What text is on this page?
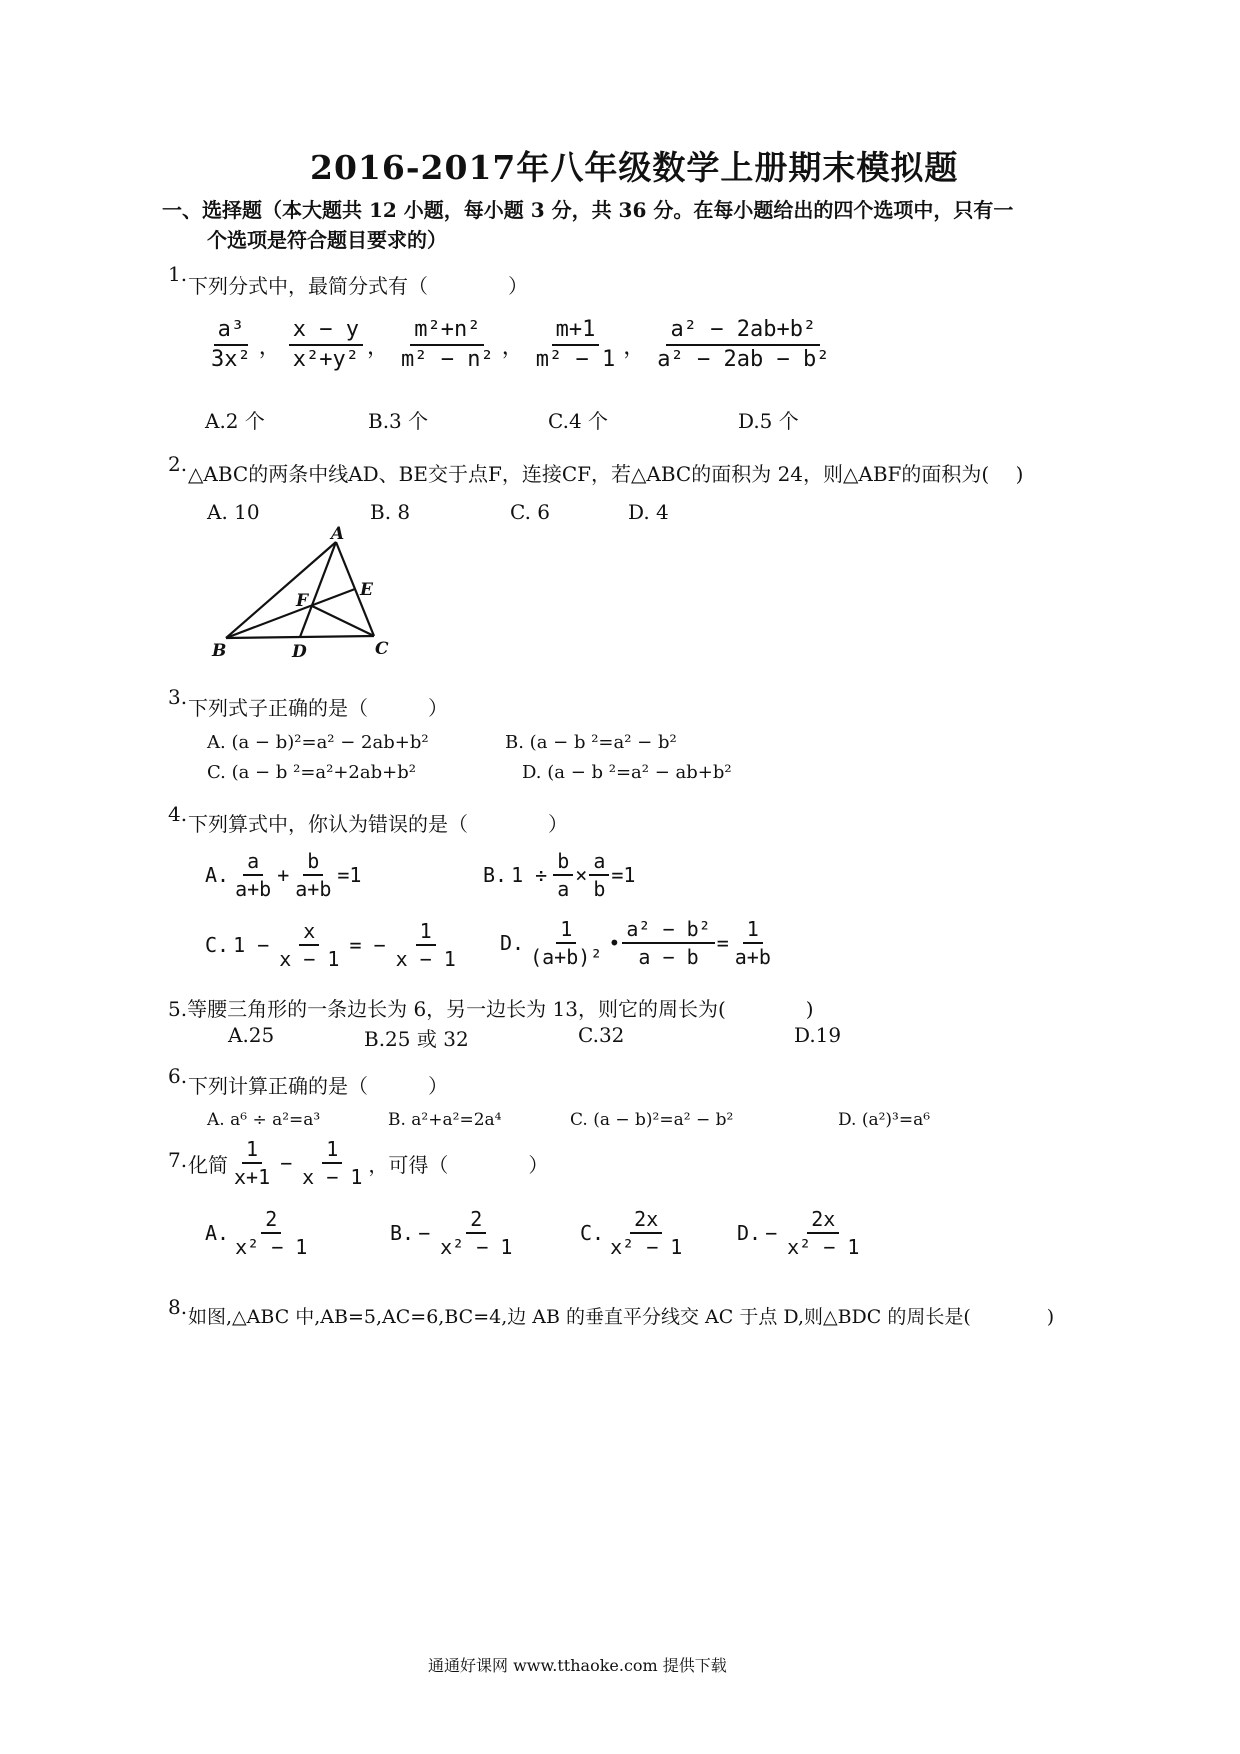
2016-2017年八年级数学上册期末模拟题
一、选择题（本大题共 12 小题，每小题 3 分，共 36 分。在每小题给出的四个选项中，只有一
个选项是符合题目要求的）
1. 下列分式中，最简分式有（　　　　）
$\frac{\text{a³}}{\text{3x²}}$ ， $\frac{x - y}{\text{x²+y²}}$ ， $\frac{\text{m²+n²}}{\text{m² − n²}}$ ， $\frac{m+1}{\text{m² − 1}}$ ， $\frac{\text{a² − 2ab+b²}}{\text{a² − 2ab − b²}}$
A.2 个	B.3 个	C.4 个	D.5 个
2. △ABC的两条中线AD、BE交于点F，连接CF，若△ABC的面积为 24，则△ABF的面积为(　 )
A. 10	B. 8	C. 6	D. 4
A
B	C
D
E
F
3. 下列式子正确的是（　　　）
A. (a − b)²=a² − 2ab+b²	B. (a − b ²=a² − b²
C. (a − b ²=a²+2ab+b²	D. (a − b ²=a² − ab+b²
4. 下列算式中，你认为错误的是（　　　　）
A. $\frac{a}{a+b} + \frac{b}{a+b} =1$	B. $1 \div \frac{b}{a} \times \frac{a}{b} =1$
C. $1 - \frac{x}{x - 1}$ = − $\frac{1}{x - 1} D$. $\frac{1}{\text{(a+b)²}}$ • $\frac{\text{a² − b²}}{a - b} = \frac{1}{a+b}$
5.等腰三角形的一条边长为 6，另一边长为 13，则它的周长为(　　　　)
A.25	B.25 或 32	C.32	D.19
6. 下列计算正确的是（　　　）
A. a⁶ ÷ a²=a³	B. a²+a²=2a⁴	C. (a − b)²=a² − b²	D. (a²)³=a⁶
7. 化简 $\frac{1}{x+1} - \frac{1}{x - 1}$ ，可得（　　　　）
A. $\frac{2}{\text{x² − 1}}$	B. − $\frac{2}{\text{x² − 1}}$	C. $\frac{2x}{\text{x² − 1}}$	D. − $\frac{2x}{\text{x² − 1}}$
8. 如图,△ABC 中,AB=5,AC=6,BC=4,边 AB 的垂直平分线交 AC 于点 D,则△BDC 的周长是(　　　　)
通通好课网 www.tthaoke.com 提供下载
